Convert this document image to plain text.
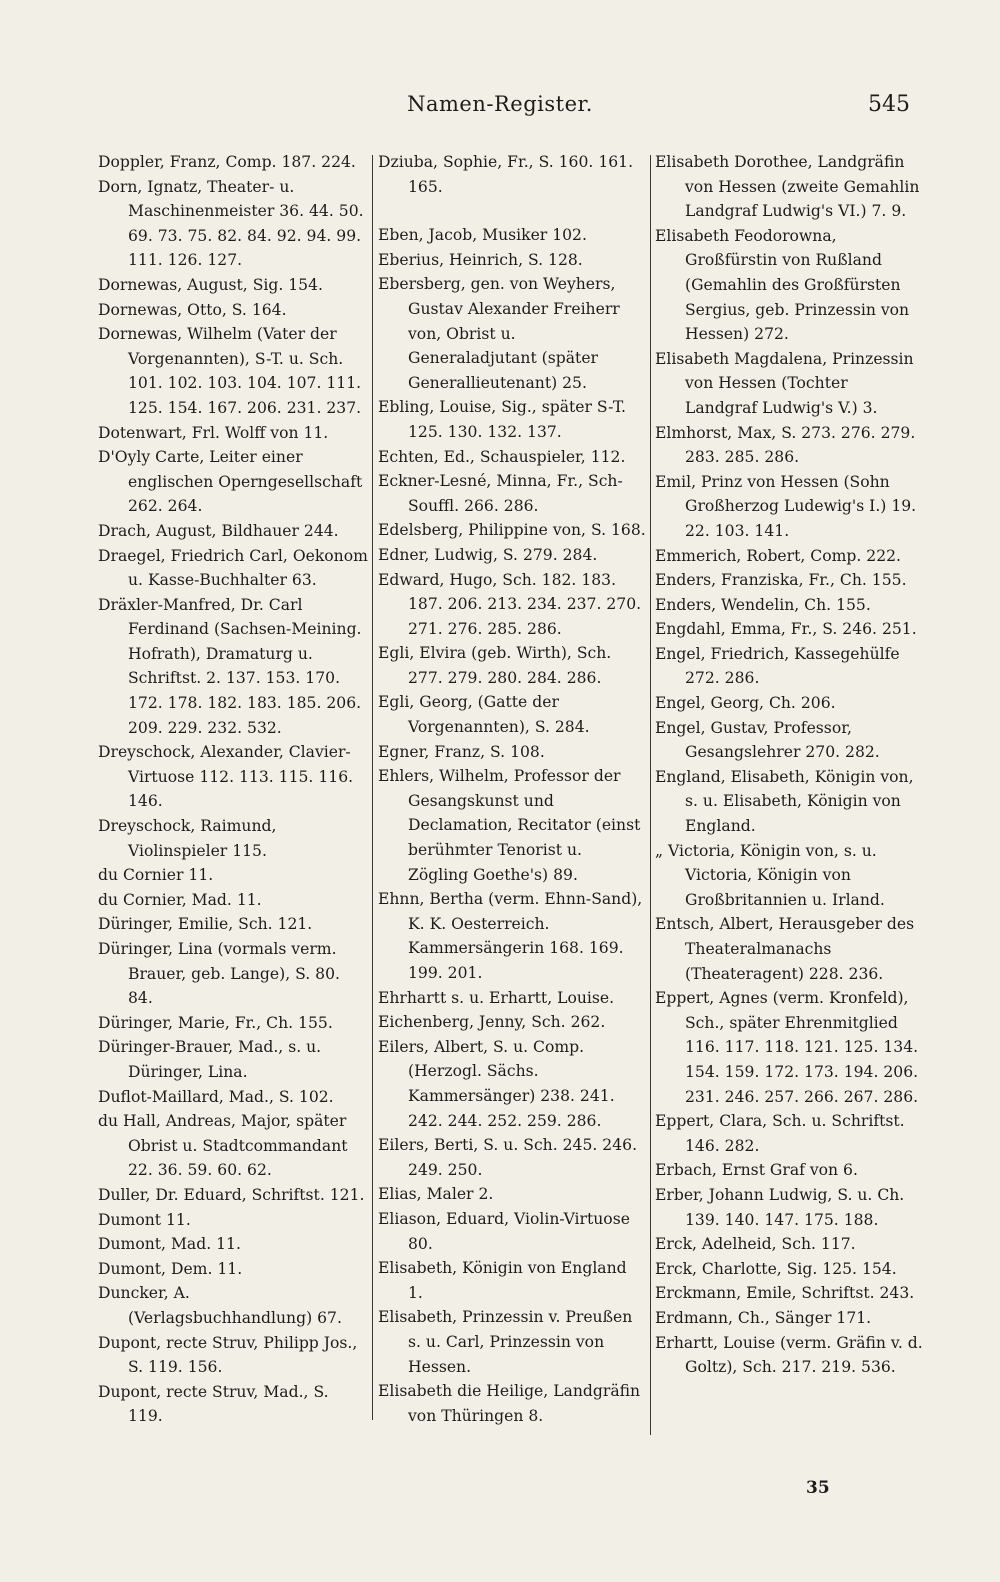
Namen-Register.	545

Doppler, Franz, Comp. 187. 224.

Dorn, Ignatz, Theater- u. Maschinenmeister 36. 44. 50. 69. 73. 75. 82. 84. 92. 94. 99. 111. 126. 127.

Dornewas, August, Sig. 154.

Dornewas, Otto, S. 164.

Dornewas, Wilhelm (Vater der Vorgenannten), S-T. u. Sch. 101. 102. 103. 104. 107. 111. 125. 154. 167. 206. 231. 237.

Dotenwart, Frl. Wolff von 11.

D'Oyly Carte, Leiter einer englischen Operngesellschaft 262. 264.

Drach, August, Bildhauer 244.

Draegel, Friedrich Carl, Oekonom u. Kasse-Buchhalter 63.

Dräxler-Manfred, Dr. Carl Ferdinand (Sachsen-Meining. Hofrath), Dramaturg u. Schriftst. 2. 137. 153. 170. 172. 178. 182. 183. 185. 206. 209. 229. 232. 532.

Dreyschock, Alexander, Clavier-Virtuose 112. 113. 115. 116. 146.

Dreyschock, Raimund, Violinspieler 115.

du Cornier 11.

du Cornier, Mad. 11.

Düringer, Emilie, Sch. 121.

Düringer, Lina (vormals verm. Brauer, geb. Lange), S. 80. 84.

Düringer, Marie, Fr., Ch. 155.

Düringer-Brauer, Mad., s. u. Düringer, Lina.

Duflot-Maillard, Mad., S. 102.

du Hall, Andreas, Major, später Obrist u. Stadtcommandant 22. 36. 59. 60. 62.

Duller, Dr. Eduard, Schriftst. 121.

Dumont 11.

Dumont, Mad. 11.

Dumont, Dem. 11.

Duncker, A. (Verlagsbuchhandlung) 67.

Dupont, recte Struv, Philipp Jos., S. 119. 156.

Dupont, recte Struv, Mad., S. 119.

Dziuba, Sophie, Fr., S. 160. 161. 165.

Eben, Jacob, Musiker 102.

Eberius, Heinrich, S. 128.

Ebersberg, gen. von Weyhers, Gustav Alexander Freiherr von, Obrist u. Generaladjutant (später Generallieutenant) 25.

Ebling, Louise, Sig., später S-T. 125. 130. 132. 137.

Echten, Ed., Schauspieler, 112.

Eckner-Lesné, Minna, Fr., Sch-Souffl. 266. 286.

Edelsberg, Philippine von, S. 168.

Edner, Ludwig, S. 279. 284.

Edward, Hugo, Sch. 182. 183. 187. 206. 213. 234. 237. 270. 271. 276. 285. 286.

Egli, Elvira (geb. Wirth), Sch. 277. 279. 280. 284. 286.

Egli, Georg, (Gatte der Vorgenannten), S. 284.

Egner, Franz, S. 108.

Ehlers, Wilhelm, Professor der Gesangskunst und Declamation, Recitator (einst berühmter Tenorist u. Zögling Goethe's) 89.

Ehnn, Bertha (verm. Ehnn-Sand), K. K. Oesterreich. Kammersängerin 168. 169. 199. 201.

Ehrhartt s. u. Erhartt, Louise.

Eichenberg, Jenny, Sch. 262.

Eilers, Albert, S. u. Comp. (Herzogl. Sächs. Kammersänger) 238. 241. 242. 244. 252. 259. 286.

Eilers, Berti, S. u. Sch. 245. 246. 249. 250.

Elias, Maler 2.

Eliason, Eduard, Violin-Virtuose 80.

Elisabeth, Königin von England 1.

Elisabeth, Prinzessin v. Preußen s. u. Carl, Prinzessin von Hessen.

Elisabeth die Heilige, Landgräfin von Thüringen 8.

Elisabeth Dorothee, Landgräfin von Hessen (zweite Gemahlin Landgraf Ludwig's VI.) 7. 9.

Elisabeth Feodorowna, Großfürstin von Rußland (Gemahlin des Großfürsten Sergius, geb. Prinzessin von Hessen) 272.

Elisabeth Magdalena, Prinzessin von Hessen (Tochter Landgraf Ludwig's V.) 3.

Elmhorst, Max, S. 273. 276. 279. 283. 285. 286.

Emil, Prinz von Hessen (Sohn Großherzog Ludewig's I.) 19. 22. 103. 141.

Emmerich, Robert, Comp. 222.

Enders, Franziska, Fr., Ch. 155.

Enders, Wendelin, Ch. 155.

Engdahl, Emma, Fr., S. 246. 251.

Engel, Friedrich, Kassegehülfe 272. 286.

Engel, Georg, Ch. 206.

Engel, Gustav, Professor, Gesangslehrer 270. 282.

England, Elisabeth, Königin von, s. u. Elisabeth, Königin von England.

„ Victoria, Königin von, s. u. Victoria, Königin von Großbritannien u. Irland.

Entsch, Albert, Herausgeber des Theateralmanachs (Theateragent) 228. 236.

Eppert, Agnes (verm. Kronfeld), Sch., später Ehrenmitglied 116. 117. 118. 121. 125. 134. 154. 159. 172. 173. 194. 206. 231. 246. 257. 266. 267. 286.

Eppert, Clara, Sch. u. Schriftst. 146. 282.

Erbach, Ernst Graf von 6.

Erber, Johann Ludwig, S. u. Ch. 139. 140. 147. 175. 188.

Erck, Adelheid, Sch. 117.

Erck, Charlotte, Sig. 125. 154.

Erckmann, Emile, Schriftst. 243.

Erdmann, Ch., Sänger 171.

Erhartt, Louise (verm. Gräfin v. d. Goltz), Sch. 217. 219. 536.

35
